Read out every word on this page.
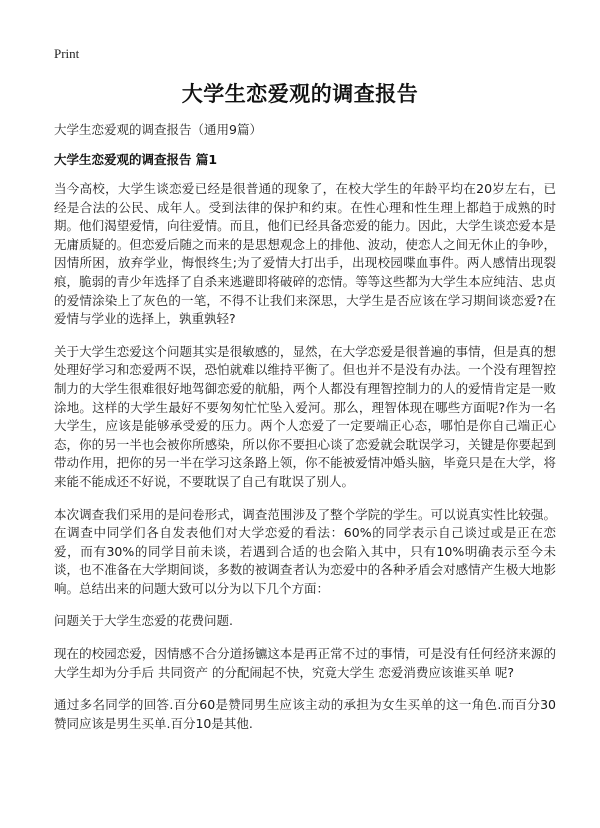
Print
大学生恋爱观的调查报告
大学生恋爱观的调查报告（通用9篇）
大学生恋爱观的调查报告 篇1

当今高校，大学生谈恋爱已经是很普通的现象了，在校大学生的年龄平均在20岁左右，已经是合法的公民、成年人。受到法律的保护和约束。在性心理和性生理上都趋于成熟的时期。他们渴望爱情，向往爱情。而且，他们已经具备恋爱的能力。因此，大学生谈恋爱本是无庸质疑的。但恋爱后随之而来的是思想观念上的排他、波动，使恋人之间无休止的争吵，因情所困，放弃学业，悔恨终生;为了爱情大打出手，出现校园喋血事件。两人感情出现裂痕，脆弱的青少年选择了自杀来逃避即将破碎的恋情。等等这些都为大学生本应纯洁、忠贞的爱情涂染上了灰色的一笔，不得不让我们来深思，大学生是否应该在学习期间谈恋爱?在爱情与学业的选择上，孰重孰轻?

关于大学生恋爱这个问题其实是很敏感的，显然，在大学恋爱是很普遍的事情，但是真的想处理好学习和恋爱两不误，恐怕就难以维持平衡了。但也并不是没有办法。一个没有理智控制力的大学生很难很好地驾御恋爱的航船，两个人都没有理智控制力的人的爱情肯定是一败涂地。这样的大学生最好不要匆匆忙忙坠入爱河。那么，理智体现在哪些方面呢?作为一名大学生，应该是能够承受爱的压力。两个人恋爱了一定要端正心态，哪怕是你自己端正心态，你的另一半也会被你所感染，所以你不要担心谈了恋爱就会耽误学习，关键是你要起到带动作用，把你的另一半在学习这条路上领，你不能被爱情冲婚头脑，毕竟只是在大学，将来能不能成还不好说，不要耽误了自己有耽误了别人。

本次调查我们采用的是问卷形式，调查范围涉及了整个学院的学生。可以说真实性比较强。在调查中同学们各自发表他们对大学恋爱的看法：60%的同学表示自己谈过或是正在恋爱，而有30%的同学目前未谈，若遇到合适的也会陷入其中，只有10%明确表示至今未谈，也不准备在大学期间谈，多数的被调查者认为恋爱中的各种矛盾会对感情产生极大地影响。总结出来的问题大致可以分为以下几个方面：

问题关于大学生恋爱的花费问题.

现在的校园恋爱，因情感不合分道扬镳这本是再正常不过的事情，可是没有任何经济来源的大学生却为分手后 共同资产 的分配闹起不快，究竟大学生 恋爱消费应该谁买单 呢?

通过多名同学的回答.百分60是赞同男生应该主动的承担为女生买单的这一角色.而百分30赞同应该是男生买单.百分10是其他.
